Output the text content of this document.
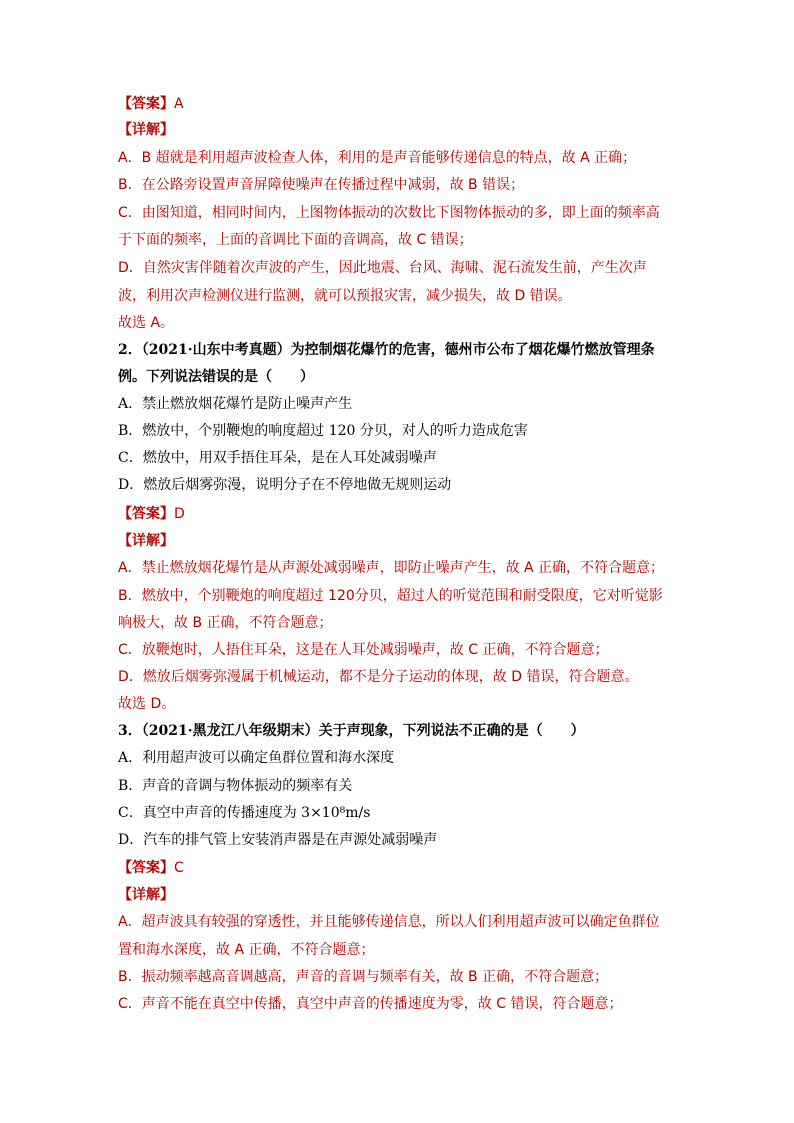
【答案】A
【详解】
A．B 超就是利用超声波检查人体，利用的是声音能够传递信息的特点，故 A 正确；
B．在公路旁设置声音屏障使噪声在传播过程中减弱，故 B 错误；
C．由图知道，相同时间内，上图物体振动的次数比下图物体振动的多，即上面的频率高
于下面的频率，上面的音调比下面的音调高，故 C 错误；
D．自然灾害伴随着次声波的产生，因此地震、台风、海啸、泥石流发生前，产生次声
波，利用次声检测仪进行监测，就可以预报灾害，减少损失，故 D 错误。
故选 A。
2．（2021·山东中考真题）为控制烟花爆竹的危害，德州市公布了烟花爆竹燃放管理条
例。下列说法错误的是（　　）
A．禁止燃放烟花爆竹是防止噪声产生
B．燃放中，个别鞭炮的响度超过 120 分贝，对人的听力造成危害
C．燃放中，用双手捂住耳朵，是在人耳处减弱噪声
D．燃放后烟雾弥漫，说明分子在不停地做无规则运动
【答案】D
【详解】
A．禁止燃放烟花爆竹是从声源处减弱噪声，即防止噪声产生，故 A 正确，不符合题意；
B．燃放中，个别鞭炮的响度超过 120分贝，超过人的听觉范围和耐受限度，它对听觉影
响极大，故 B 正确，不符合题意；
C．放鞭炮时，人捂住耳朵，这是在人耳处减弱噪声，故 C 正确，不符合题意；
D．燃放后烟雾弥漫属于机械运动，都不是分子运动的体现，故 D 错误，符合题意。
故选 D。
3．（2021·黑龙江八年级期末）关于声现象，下列说法不正确的是（　　）
A．利用超声波可以确定鱼群位置和海水深度
B．声音的音调与物体振动的频率有关
C．真空中声音的传播速度为 3×10⁸m/s
D．汽车的排气管上安装消声器是在声源处减弱噪声
【答案】C
【详解】
A．超声波具有较强的穿透性，并且能够传递信息，所以人们利用超声波可以确定鱼群位
置和海水深度，故 A 正确，不符合题意；
B．振动频率越高音调越高，声音的音调与频率有关，故 B 正确，不符合题意；
C．声音不能在真空中传播，真空中声音的传播速度为零，故 C 错误，符合题意；
